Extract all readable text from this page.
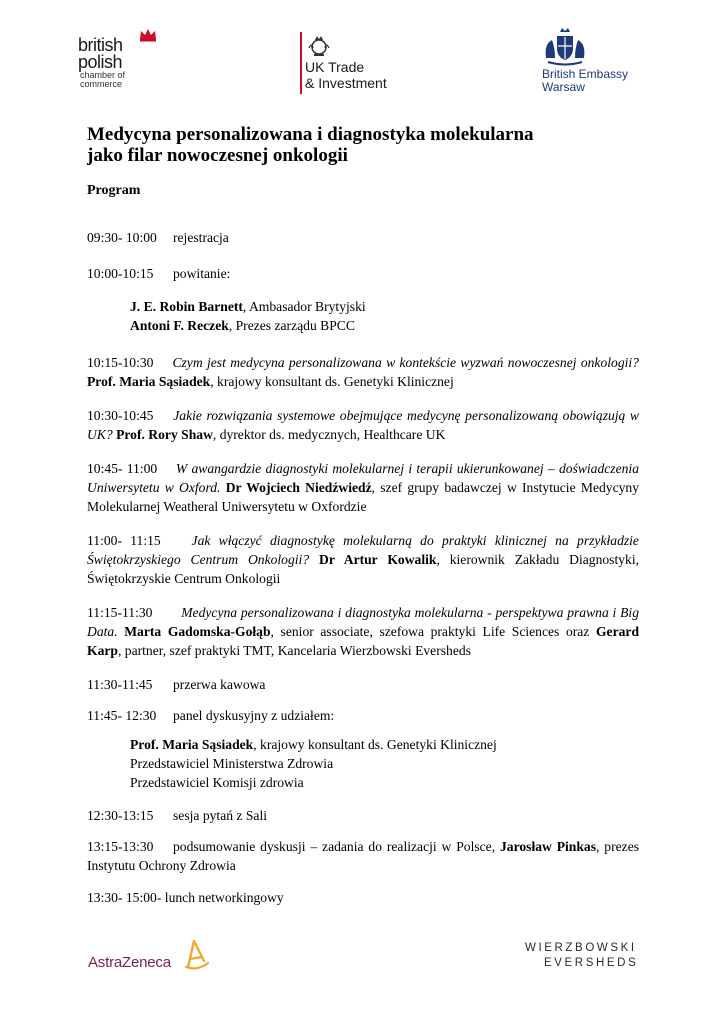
british
polish
chamber of commerce
UK Trade
& Investment
British Embassy
Warsaw
Medycyna personalizowana i diagnostyka molekularna
jako filar nowoczesnej onkologii
Program

09:30- 10:00 rejestracja

10:00-10:15 powitanie:

J. E. Robin Barnett, Ambasador Brytyjski
Antoni F. Reczek, Prezes zarządu BPCC

10:15-10:30 Czym jest medycyna personalizowana w kontekście wyzwań nowoczesnej onkologii? Prof. Maria Sąsiadek, krajowy konsultant ds. Genetyki Klinicznej

10:30-10:45 Jakie rozwiązania systemowe obejmujące medycynę personalizowaną obowiązują w UK? Prof. Rory Shaw, dyrektor ds. medycznych, Healthcare UK

10:45- 11:00 W awangardzie diagnostyki molekularnej i terapii ukierunkowanej – doświadczenia Uniwersytetu w Oxford. Dr Wojciech Niedźwiedź, szef grupy badawczej w Instytucie Medycyny Molekularnej Weatheral Uniwersytetu w Oxfordzie

11:00- 11:15 Jak włączyć diagnostykę molekularną do praktyki klinicznej na przykładzie Świętokrzyskiego Centrum Onkologii? Dr Artur Kowalik, kierownik Zakładu Diagnostyki, Świętokrzyskie Centrum Onkologii

11:15-11:30 Medycyna personalizowana i diagnostyka molekularna - perspektywa prawna i Big Data. Marta Gadomska-Gołąb, senior associate, szefowa praktyki Life Sciences oraz Gerard Karp, partner, szef praktyki TMT, Kancelaria Wierzbowski Eversheds

11:30-11:45 przerwa kawowa

11:45- 12:30 panel dyskusyjny z udziałem:

Prof. Maria Sąsiadek, krajowy konsultant ds. Genetyki Klinicznej
Przedstawiciel Ministerstwa Zdrowia
Przedstawiciel Komisji zdrowia

12:30-13:15 sesja pytań z Sali

13:15-13:30 podsumowanie dyskusji – zadania do realizacji w Polsce, Jarosław Pinkas, prezes Instytutu Ochrony Zdrowia

13:30- 15:00- lunch networkingowy

AstraZeneca
WIERZBOWSKI
EVERSHEDS
